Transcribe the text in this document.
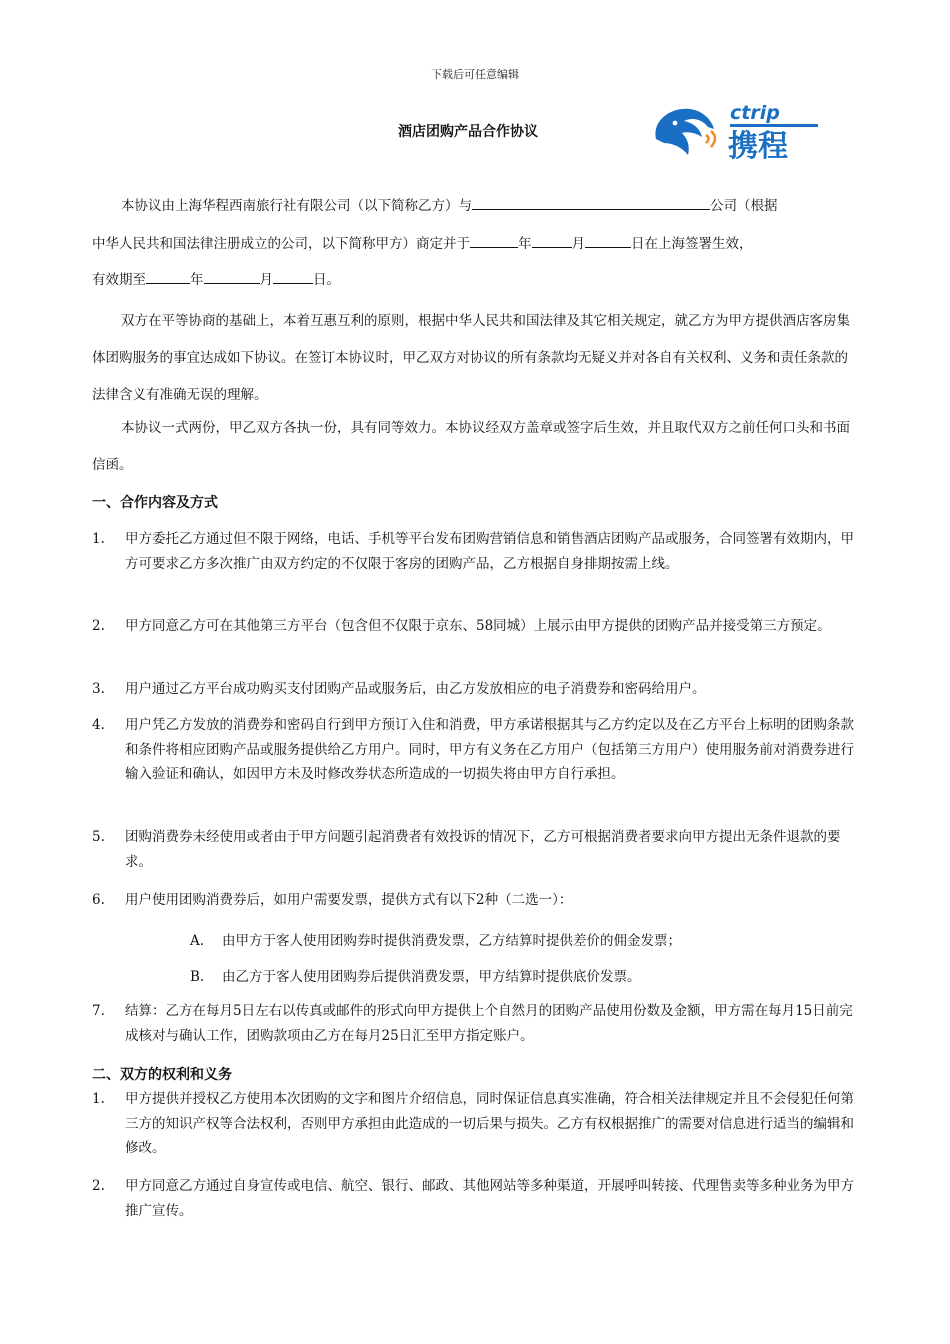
下载后可任意编辑
酒店团购产品合作协议
ctrip
携程
本协议由上海华程西南旅行社有限公司（以下简称乙方）与	公司（根据
中华人民共和国法律注册成立的公司，以下简称甲方）商定并于	年	月	日在上海签署生效，
有效期至	年	月	日。
双方在平等协商的基础上，本着互惠互利的原则，根据中华人民共和国法律及其它相关规定，就乙方为甲方提供酒店客房集体团购服务的事宜达成如下协议。在签订本协议时，甲乙双方对协议的所有条款均无疑义并对各自有关权利、义务和责任条款的法律含义有准确无误的理解。
本协议一式两份，甲乙双方各执一份，具有同等效力。本协议经双方盖章或签字后生效，并且取代双方之前任何口头和书面信函。
一、合作内容及方式
1.	甲方委托乙方通过但不限于网络，电话、手机等平台发布团购营销信息和销售酒店团购产品或服务，合同签署有效期内，甲方可要求乙方多次推广由双方约定的不仅限于客房的团购产品，乙方根据自身排期按需上线。
2.	甲方同意乙方可在其他第三方平台（包含但不仅限于京东、58同城）上展示由甲方提供的团购产品并接受第三方预定。
3.	用户通过乙方平台成功购买支付团购产品或服务后，由乙方发放相应的电子消费券和密码给用户。
4.	用户凭乙方发放的消费券和密码自行到甲方预订入住和消费，甲方承诺根据其与乙方约定以及在乙方平台上标明的团购条款和条件将相应团购产品或服务提供给乙方用户。同时，甲方有义务在乙方用户（包括第三方用户）使用服务前对消费券进行输入验证和确认，如因甲方未及时修改券状态所造成的一切损失将由甲方自行承担。
5.	团购消费券未经使用或者由于甲方问题引起消费者有效投诉的情况下，乙方可根据消费者要求向甲方提出无条件退款的要求。
6.	用户使用团购消费券后，如用户需要发票，提供方式有以下2种（二选一）：
A. 由甲方于客人使用团购券时提供消费发票，乙方结算时提供差价的佣金发票；
B. 由乙方于客人使用团购券后提供消费发票，甲方结算时提供底价发票。
7.	结算：乙方在每月5日左右以传真或邮件的形式向甲方提供上个自然月的团购产品使用份数及金额，甲方需在每月15日前完成核对与确认工作，团购款项由乙方在每月25日汇至甲方指定账户。
二、双方的权利和义务
1.	甲方提供并授权乙方使用本次团购的文字和图片介绍信息，同时保证信息真实准确，符合相关法律规定并且不会侵犯任何第三方的知识产权等合法权利，否则甲方承担由此造成的一切后果与损失。乙方有权根据推广的需要对信息进行适当的编辑和修改。
2.	甲方同意乙方通过自身宣传或电信、航空、银行、邮政、其他网站等多种渠道，开展呼叫转接、代理售卖等多种业务为甲方推广宣传。
